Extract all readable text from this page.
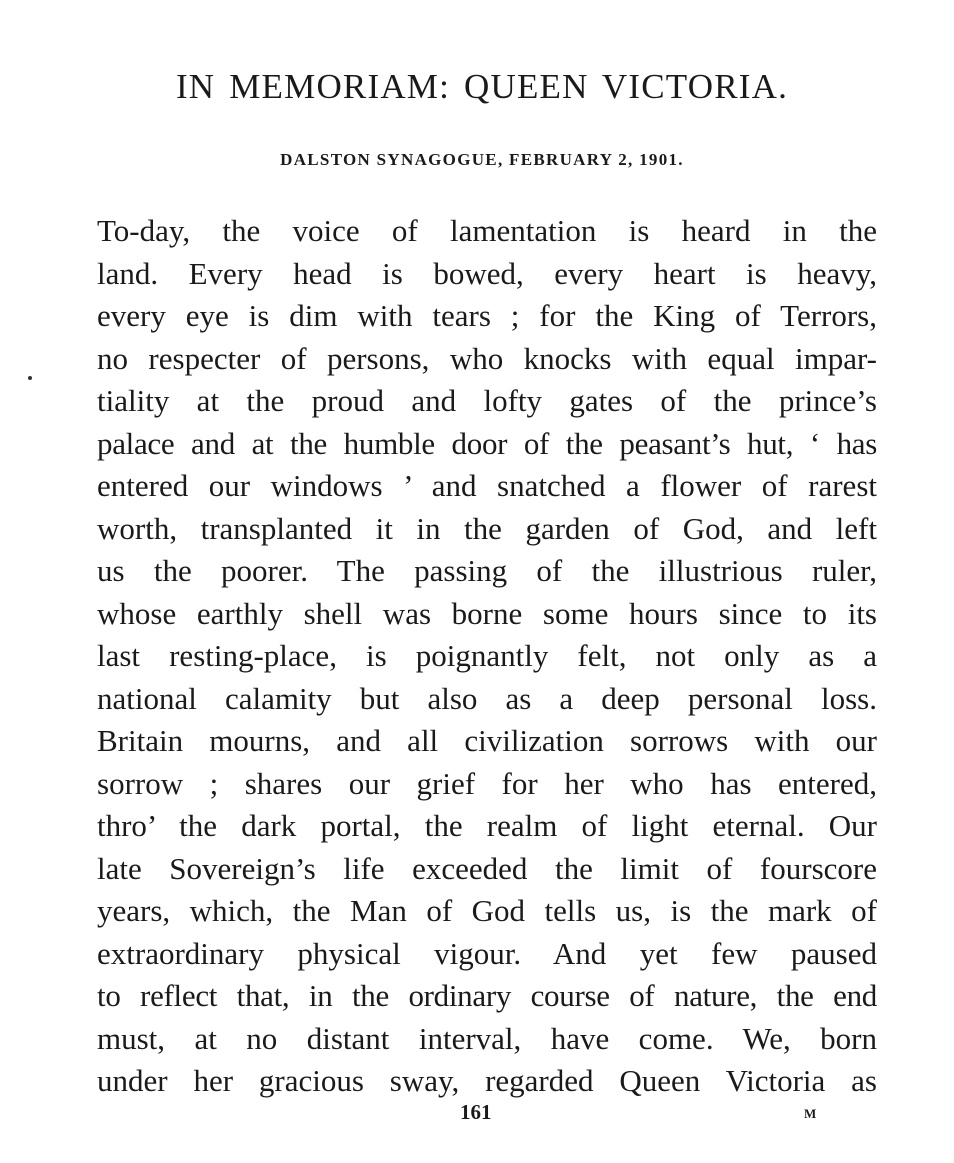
IN MEMORIAM: QUEEN VICTORIA.
DALSTON SYNAGOGUE, FEBRUARY 2, 1901.
To-day, the voice of lamentation is heard in the
land. Every head is bowed, every heart is heavy,
every eye is dim with tears ; for the King of Terrors,
no respecter of persons, who knocks with equal impar-
tiality at the proud and lofty gates of the prince’s
palace and at the humble door of the peasant’s hut, ‘ has
entered our windows ’ and snatched a flower of rarest
worth, transplanted it in the garden of God, and left
us the poorer. The passing of the illustrious ruler,
whose earthly shell was borne some hours since to its
last resting-place, is poignantly felt, not only as a
national calamity but also as a deep personal loss.
Britain mourns, and all civilization sorrows with our
sorrow ; shares our grief for her who has entered,
thro’ the dark portal, the realm of light eternal. Our
late Sovereign’s life exceeded the limit of fourscore
years, which, the Man of God tells us, is the mark of
extraordinary physical vigour. And yet few paused
to reflect that, in the ordinary course of nature, the end
must, at no distant interval, have come. We, born
under her gracious sway, regarded Queen Victoria as
161	M
